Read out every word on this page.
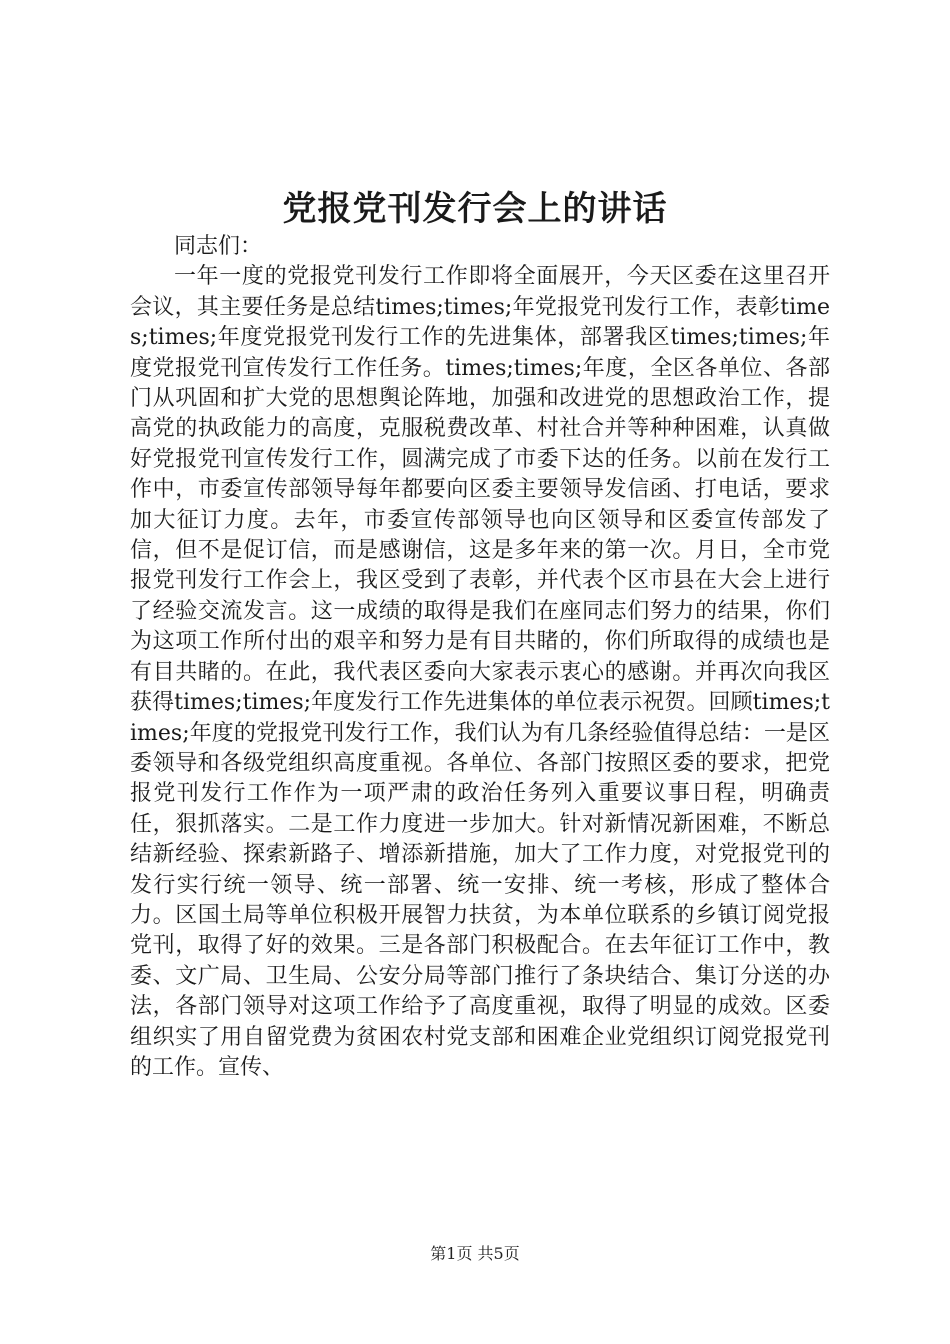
党报党刊发行会上的讲话

同志们：

一年一度的党报党刊发行工作即将全面展开，今天区委在这里召开会议，其主要任务是总结times;times;年党报党刊发行工作，表彰times;times;年度党报党刊发行工作的先进集体，部署我区times;times;年度党报党刊宣传发行工作任务。times;times;年度，全区各单位、各部门从巩固和扩大党的思想舆论阵地，加强和改进党的思想政治工作，提高党的执政能力的高度，克服税费改革、村社合并等种种困难，认真做好党报党刊宣传发行工作，圆满完成了市委下达的任务。以前在发行工作中，市委宣传部领导每年都要向区委主要领导发信函、打电话，要求加大征订力度。去年，市委宣传部领导也向区领导和区委宣传部发了信，但不是促订信，而是感谢信，这是多年来的第一次。月日，全市党报党刊发行工作会上，我区受到了表彰，并代表个区市县在大会上进行了经验交流发言。这一成绩的取得是我们在座同志们努力的结果，你们为这项工作所付出的艰辛和努力是有目共睹的，你们所取得的成绩也是有目共睹的。在此，我代表区委向大家表示衷心的感谢。并再次向我区获得times;times;年度发行工作先进集体的单位表示祝贺。回顾times;times;年度的党报党刊发行工作，我们认为有几条经验值得总结：一是区委领导和各级党组织高度重视。各单位、各部门按照区委的要求，把党报党刊发行工作作为一项严肃的政治任务列入重要议事日程，明确责任，狠抓落实。二是工作力度进一步加大。针对新情况新困难，不断总结新经验、探索新路子、增添新措施，加大了工作力度，对党报党刊的发行实行统一领导、统一部署、统一安排、统一考核，形成了整体合力。区国土局等单位积极开展智力扶贫，为本单位联系的乡镇订阅党报党刊，取得了好的效果。三是各部门积极配合。在去年征订工作中，教委、文广局、卫生局、公安分局等部门推行了条块结合、集订分送的办法，各部门领导对这项工作给予了高度重视，取得了明显的成效。区委组织实了用自留党费为贫困农村党支部和困难企业党组织订阅党报党刊的工作。宣传、

第1页 共5页
